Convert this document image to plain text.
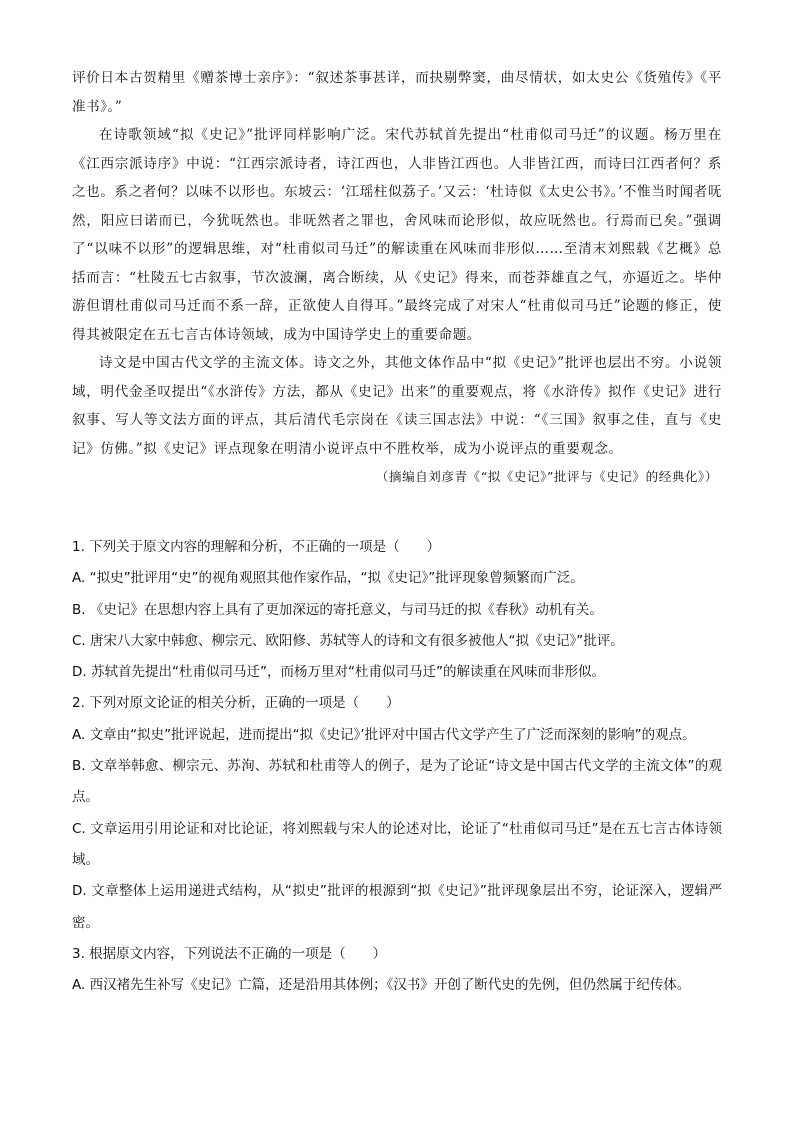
评价日本古贺精里《赠茶博士亲序》：“叙述茶事甚详，而抉剔弊窦，曲尽情状，如太史公《货殖传》《平准书》。”

在诗歌领域“拟《史记》”批评同样影响广泛。宋代苏轼首先提出“杜甫似司马迁”的议题。杨万里在《江西宗派诗序》中说：“江西宗派诗者，诗江西也，人非皆江西也。人非皆江西，而诗曰江西者何？系之也。系之者何？以味不以形也。东坡云：‘江瑶柱似荔子。’又云：‘杜诗似《太史公书》。’不惟当时闻者呒然，阳应曰诺而已，今犹呒然也。非呒然者之罪也，舍风味而论形似，故应呒然也。行焉而已矣。”强调了“以味不以形”的逻辑思维，对“杜甫似司马迁”的解读重在风味而非形似……至清末刘熙载《艺概》总括而言：“杜陵五七古叙事，节次波澜，离合断续，从《史记》得来，而苍莽雄直之气，亦逼近之。毕仲游但谓杜甫似司马迁而不系一辞，正欲使人自得耳。”最终完成了对宋人“杜甫似司马迁”论题的修正，使得其被限定在五七言古体诗领域，成为中国诗学史上的重要命题。

诗文是中国古代文学的主流文体。诗文之外，其他文体作品中“拟《史记》”批评也层出不穷。小说领域，明代金圣叹提出“《水浒传》方法，都从《史记》出来”的重要观点，将《水浒传》拟作《史记》进行叙事、写人等文法方面的评点，其后清代毛宗岗在《读三国志法》中说：“《三国》叙事之佳，直与《史记》仿佛。”拟《史记》评点现象在明清小说评点中不胜枚举，成为小说评点的重要观念。

（摘编自刘彦青《“拟《史记》”批评与《史记》的经典化》）

1. 下列关于原文内容的理解和分析，不正确的一项是（　　）

A. “拟史”批评用“史”的视角观照其他作家作品，“拟《史记》”批评现象曾频繁而广泛。

B. 《史记》在思想内容上具有了更加深远的寄托意义，与司马迁的拟《春秋》动机有关。

C. 唐宋八大家中韩愈、柳宗元、欧阳修、苏轼等人的诗和文有很多被他人“拟《史记》”批评。

D. 苏轼首先提出“杜甫似司马迁”，而杨万里对“杜甫似司马迁”的解读重在风味而非形似。

2. 下列对原文论证的相关分析，正确的一项是（　　）

A. 文章由“拟史”批评说起，进而提出“拟《史记》’批评对中国古代文学产生了广泛而深刻的影响”的观点。

B. 文章举韩愈、柳宗元、苏洵、苏轼和杜甫等人的例子，是为了论证“诗文是中国古代文学的主流文体”的观点。

C. 文章运用引用论证和对比论证，将刘熙载与宋人的论述对比，论证了“杜甫似司马迁”是在五七言古体诗领域。

D. 文章整体上运用递进式结构，从“拟史”批评的根源到“拟《史记》”批评现象层出不穷，论证深入，逻辑严密。

3. 根据原文内容，下列说法不正确的一项是（　　）

A. 西汉褚先生补写《史记》亡篇，还是沿用其体例；《汉书》开创了断代史的先例，但仍然属于纪传体。
